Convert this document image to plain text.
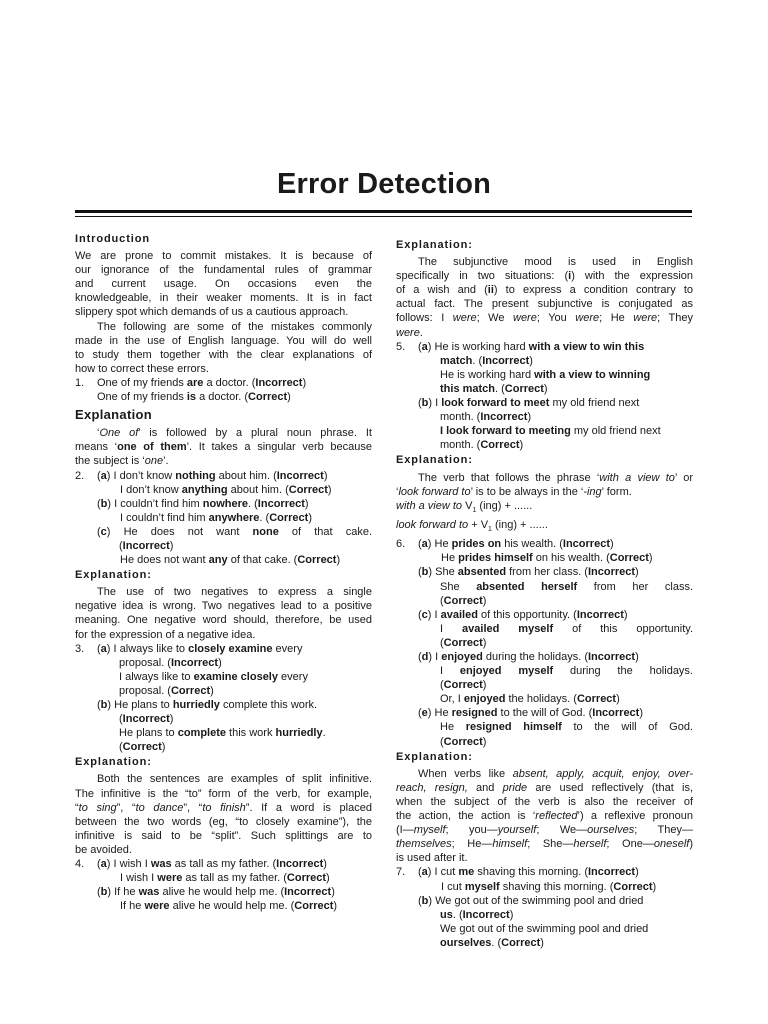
Error Detection

Introduction

We are prone to commit mistakes. It is because of

our ignorance of the fundamental rules of grammar

and current usage. On occasions even the

knowledgeable, in their weaker moments. It is in fact

slippery spot which demands of us a cautious approach.

The following are some of the mistakes commonly

made in the use of English language. You will do well

to study them together with the clear explanations of

how to correct these errors.

1. One of my friends are a doctor. (Incorrect)

One of my friends is a doctor. (Correct)

Explanation

‘One of’ is followed by a plural noun phrase. It

means ‘one of them’. It takes a singular verb because

the subject is ‘one’.

2. (a) I don’t know nothing about him. (Incorrect)

I don’t know anything about him. (Correct)

(b) I couldn’t find him nowhere. (Incorrect)

I couldn’t find him anywhere. (Correct)

(c) He does not want none of that cake.

(Incorrect)

He does not want any of that cake. (Correct)

Explanation:

The use of two negatives to express a single

negative idea is wrong. Two negatives lead to a positive

meaning. One negative word should, therefore, be used

for the expression of a negative idea.

3. (a) I always like to closely examine every

proposal. (Incorrect)

I always like to examine closely every

proposal. (Correct)

(b) He plans to hurriedly complete this work.

(Incorrect)

He plans to complete this work hurriedly.

(Correct)

Explanation:

Both the sentences are examples of split infinitive.

The infinitive is the “to” form of the verb, for example,

“to sing”, “to dance”, “to finish”. If a word is placed

between the two words (eg, “to closely examine”), the

infinitive is said to be “split”. Such splittings are to

be avoided.

4. (a) I wish I was as tall as my father. (Incorrect)

I wish I were as tall as my father. (Correct)

(b) If he was alive he would help me. (Incorrect)

If he were alive he would help me. (Correct)

Explanation:

The subjunctive mood is used in English

specifically in two situations: (i) with the expression

of a wish and (ii) to express a condition contrary to

actual fact. The present subjunctive is conjugated as

follows: I were; We were; You were; He were; They

were.

5. (a) He is working hard with a view to win this

match. (Incorrect)

He is working hard with a view to winning

this match. (Correct)

(b) I look forward to meet my old friend next

month. (Incorrect)

I look forward to meeting my old friend next

month. (Correct)

Explanation:

The verb that follows the phrase ‘with a view to’ or

‘look forward to’ is to be always in the ‘-ing’ form.

with a view to $V_1$ (ing) + ......

look forward to + $V_1$ (ing) + ......

6. (a) He prides on his wealth. (Incorrect)

He prides himself on his wealth. (Correct)

(b) She absented from her class. (Incorrect)

She absented herself from her class.

(Correct)

(c) I availed of this opportunity. (Incorrect)

I availed myself of this opportunity.

(Correct)

(d) I enjoyed during the holidays. (Incorrect)

I enjoyed myself during the holidays.

(Correct)

Or, I enjoyed the holidays. (Correct)

(e) He resigned to the will of God. (Incorrect)

He resigned himself to the will of God.

(Correct)

Explanation:

When verbs like absent, apply, acquit, enjoy, over-

reach, resign, and pride are used reflectively (that is,

when the subject of the verb is also the receiver of

the action, the action is ‘reflected’) a reflexive pronoun

(I—myself; you—yourself; We—ourselves; They—

themselves; He—himself; She—herself; One—oneself)

is used after it.

7. (a) I cut me shaving this morning. (Incorrect)

I cut myself shaving this morning. (Correct)

(b) We got out of the swimming pool and dried

us. (Incorrect)

We got out of the swimming pool and dried

ourselves. (Correct)
